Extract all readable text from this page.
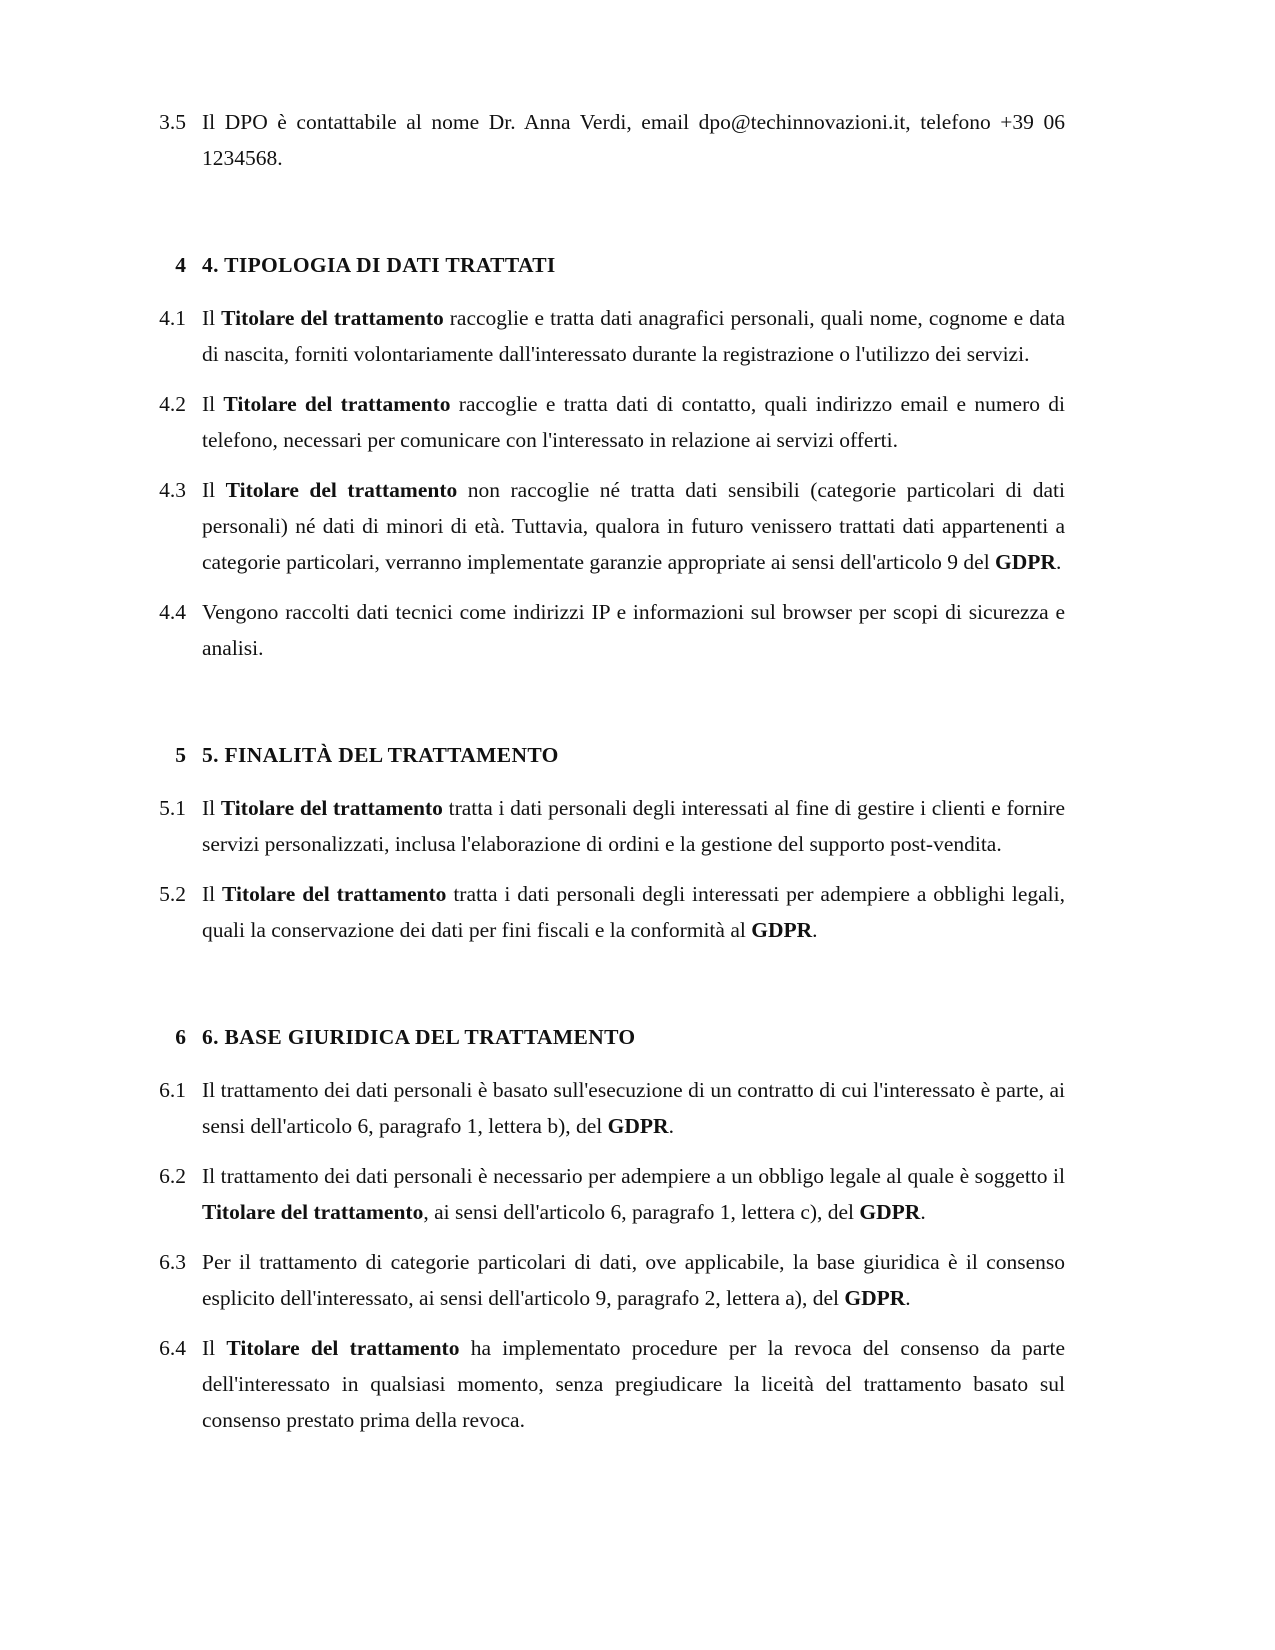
3.5 Il DPO è contattabile al nome Dr. Anna Verdi, email dpo@techinnovazioni.it, telefono +39 06 1234568.
4 4. TIPOLOGIA DI DATI TRATTATI
4.1 Il Titolare del trattamento raccoglie e tratta dati anagrafici personali, quali nome, cognome e data di nascita, forniti volontariamente dall'interessato durante la registrazione o l'utilizzo dei servizi.
4.2 Il Titolare del trattamento raccoglie e tratta dati di contatto, quali indirizzo email e numero di telefono, necessari per comunicare con l'interessato in relazione ai servizi offerti.
4.3 Il Titolare del trattamento non raccoglie né tratta dati sensibili (categorie particolari di dati personali) né dati di minori di età. Tuttavia, qualora in futuro venissero trattati dati appartenenti a categorie particolari, verranno implementate garanzie appropriate ai sensi dell'articolo 9 del GDPR.
4.4 Vengono raccolti dati tecnici come indirizzi IP e informazioni sul browser per scopi di sicurezza e analisi.
5 5. FINALITÀ DEL TRATTAMENTO
5.1 Il Titolare del trattamento tratta i dati personali degli interessati al fine di gestire i clienti e fornire servizi personalizzati, inclusa l'elaborazione di ordini e la gestione del supporto post-vendita.
5.2 Il Titolare del trattamento tratta i dati personali degli interessati per adempiere a obblighi legali, quali la conservazione dei dati per fini fiscali e la conformità al GDPR.
6 6. BASE GIURIDICA DEL TRATTAMENTO
6.1 Il trattamento dei dati personali è basato sull'esecuzione di un contratto di cui l'interessato è parte, ai sensi dell'articolo 6, paragrafo 1, lettera b), del GDPR.
6.2 Il trattamento dei dati personali è necessario per adempiere a un obbligo legale al quale è soggetto il Titolare del trattamento, ai sensi dell'articolo 6, paragrafo 1, lettera c), del GDPR.
6.3 Per il trattamento di categorie particolari di dati, ove applicabile, la base giuridica è il consenso esplicito dell'interessato, ai sensi dell'articolo 9, paragrafo 2, lettera a), del GDPR.
6.4 Il Titolare del trattamento ha implementato procedure per la revoca del consenso da parte dell'interessato in qualsiasi momento, senza pregiudicare la liceità del trattamento basato sul consenso prestato prima della revoca.
